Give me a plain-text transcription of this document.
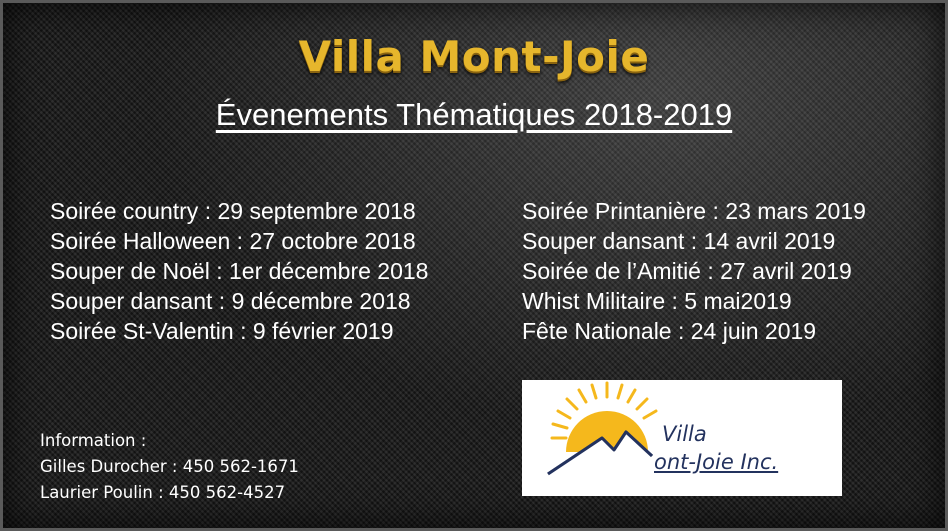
Villa Mont-Joie
Évenements Thématiques 2018-2019
Soirée country : 29 septembre 2018
Soirée Halloween : 27 octobre 2018
Souper de Noël : 1er décembre 2018
Souper dansant : 9 décembre 2018
Soirée St-Valentin : 9 février 2019
Soirée Printanière : 23 mars 2019
Souper dansant : 14 avril 2019
Soirée de l’Amitié : 27 avril 2019
Whist Militaire : 5 mai2019
Fête Nationale : 24 juin 2019
Information :
Gilles Durocher : 450 562-1671
Laurier Poulin : 450 562-4527
Villa
ont-Joie Inc.
